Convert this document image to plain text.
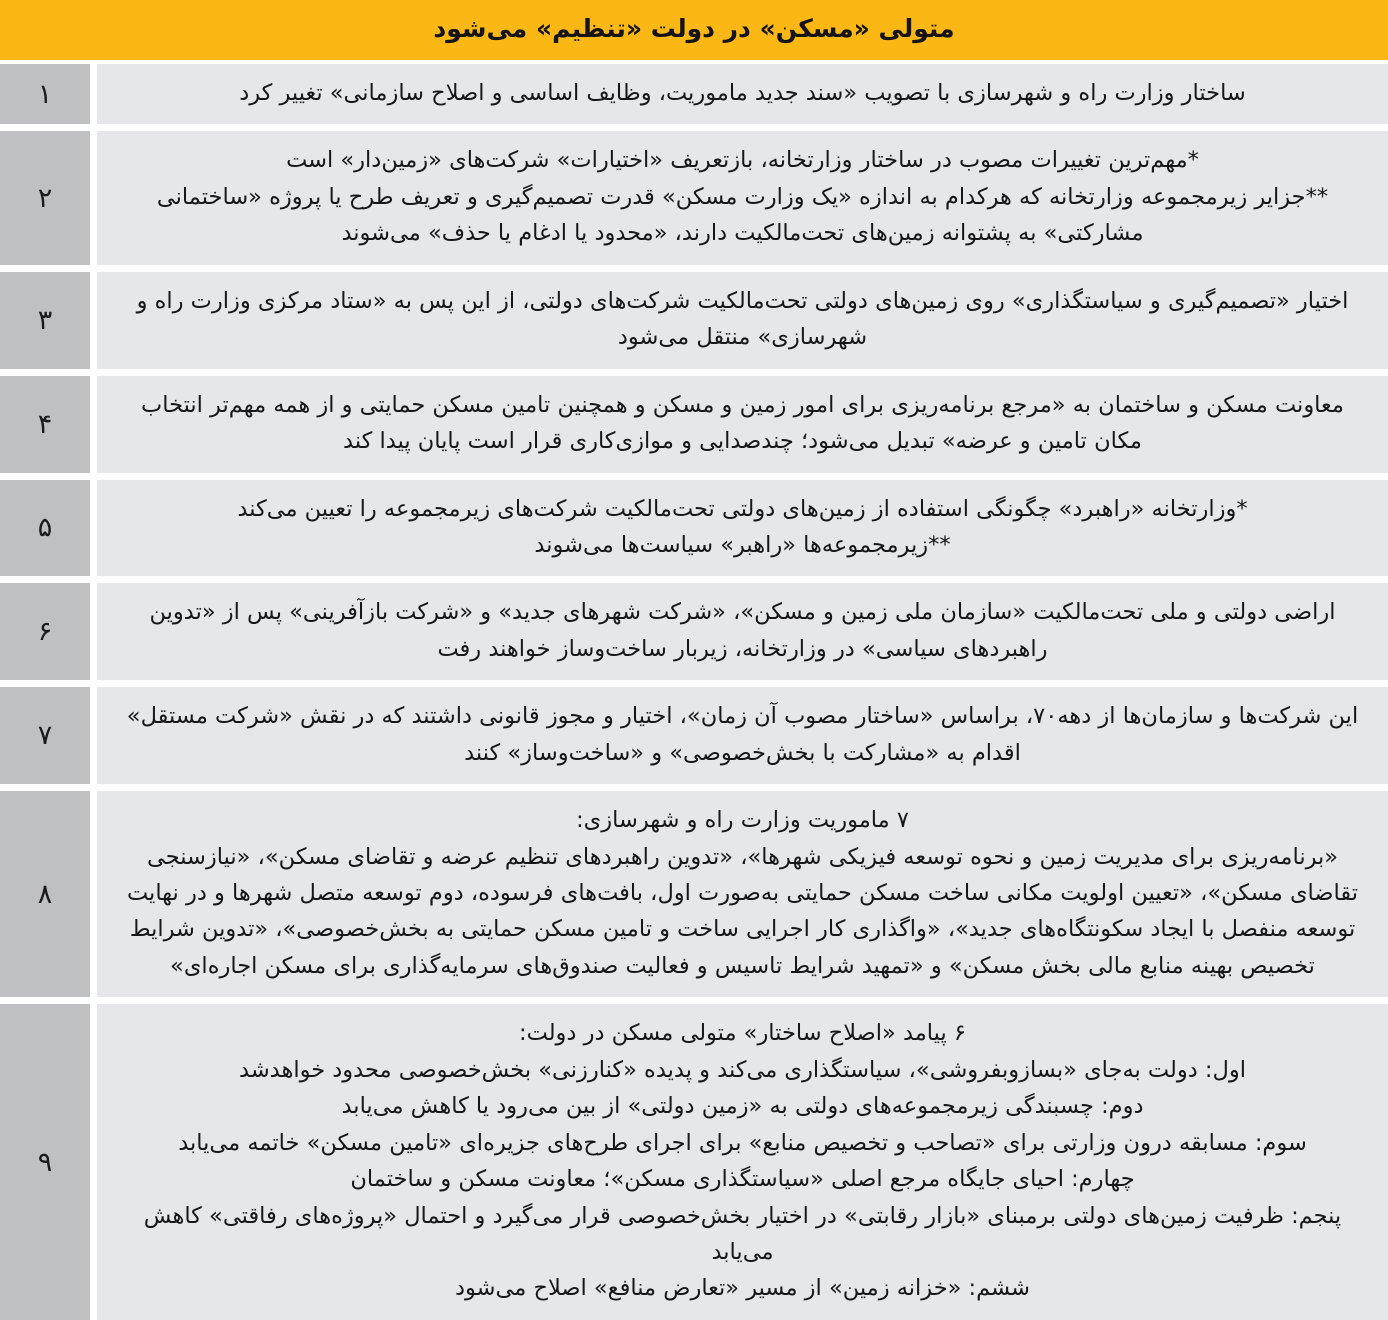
متولی «مسکن» در دولت «تنظیم» می‌شود

ساختار وزارت راه و شهرسازی با تصویب «سند جدید ماموریت، وظایف اساسی و اصلاح سازمانی» تغییر کرد

۱

*مهم‌ترین تغییرات مصوب در ساختار وزارتخانه، بازتعریف «اختیارات» شرکت‌های «زمین‌دار» است

**جزایر زیرمجموعه وزارتخانه که هرکدام به اندازه «یک وزارت مسکن» قدرت تصمیم‌گیری و تعریف طرح یا پروژه «ساختمانی مشارکتی» به پشتوانه زمین‌های تحت‌مالکیت دارند، «محدود یا ادغام یا حذف» می‌شوند

۲

اختیار «تصمیم‌گیری و سیاستگذاری» روی زمین‌های دولتی تحت‌مالکیت شرکت‌های دولتی، از این پس به «ستاد مرکزی وزارت راه و شهرسازی» منتقل می‌شود

۳

معاونت مسکن و ساختمان به «مرجع برنامه‌ریزی برای امور زمین و مسکن و همچنین تامین مسکن حمایتی و از همه مهم‌تر انتخاب مکان تامین و عرضه» تبدیل می‌شود؛ چندصدایی و موازی‌کاری قرار است پایان پیدا کند

۴

*وزارتخانه «راهبرد» چگونگی استفاده از زمین‌های دولتی تحت‌مالکیت شرکت‌های زیرمجموعه را تعیین می‌کند

**زیرمجموعه‌ها «راهبر» سیاست‌ها می‌شوند

۵

اراضی دولتی و ملی تحت‌مالکیت «سازمان ملی زمین و مسکن»، «شرکت شهرهای جدید» و «شرکت بازآفرینی» پس از «تدوین راهبردهای سیاسی» در وزارتخانه، زیربار ساخت‌وساز خواهند رفت

۶

این شرکت‌ها و سازمان‌ها از دهه۷۰، براساس «ساختار مصوب آن زمان»، اختیار و مجوز قانونی داشتند که در نقش «شرکت مستقل» اقدام به «مشارکت با بخش‌خصوصی» و «ساخت‌وساز» کنند

۷

۷ ماموریت وزارت راه و شهرسازی:

«برنامه‌ریزی برای مدیریت زمین و نحوه توسعه فیزیکی شهرها»، «تدوین راهبردهای تنظیم عرضه و تقاضای مسکن»، «نیازسنجی تقاضای مسکن»، «تعیین اولویت مکانی ساخت مسکن حمایتی به‌صورت اول، بافت‌های فرسوده، دوم توسعه متصل شهرها و در نهایت توسعه منفصل با ایجاد سکونتگاه‌های جدید»، «واگذاری کار اجرایی ساخت و تامین مسکن حمایتی به بخش‌خصوصی»، «تدوین شرایط تخصیص بهینه منابع مالی بخش مسکن» و «تمهید شرایط تاسیس و فعالیت صندوق‌های سرمایه‌گذاری برای مسکن اجاره‌ای»

۸

۶ پیامد «اصلاح ساختار» متولی مسکن در دولت:

اول: دولت به‌جای «بسازوبفروشی»، سیاستگذاری می‌کند و پدیده «کنارزنی» بخش‌خصوصی محدود خواهدشد

دوم: چسبندگی زیرمجموعه‌های دولتی به «زمین دولتی» از بین می‌رود یا کاهش می‌یابد

سوم: مسابقه درون وزارتی برای «تصاحب و تخصیص منابع» برای اجرای طرح‌های جزیره‌ای «تامین مسکن» خاتمه می‌یابد

چهارم: احیای جایگاه مرجع اصلی «سیاستگذاری مسکن»؛ معاونت مسکن و ساختمان

پنجم: ظرفیت زمین‌های دولتی برمبنای «بازار رقابتی» در اختیار بخش‌خصوصی قرار می‌گیرد و احتمال «پروژه‌های رفاقتی» کاهش می‌یابد

ششم: «خزانه زمین» از مسیر «تعارض منافع» اصلاح می‌شود

۹
